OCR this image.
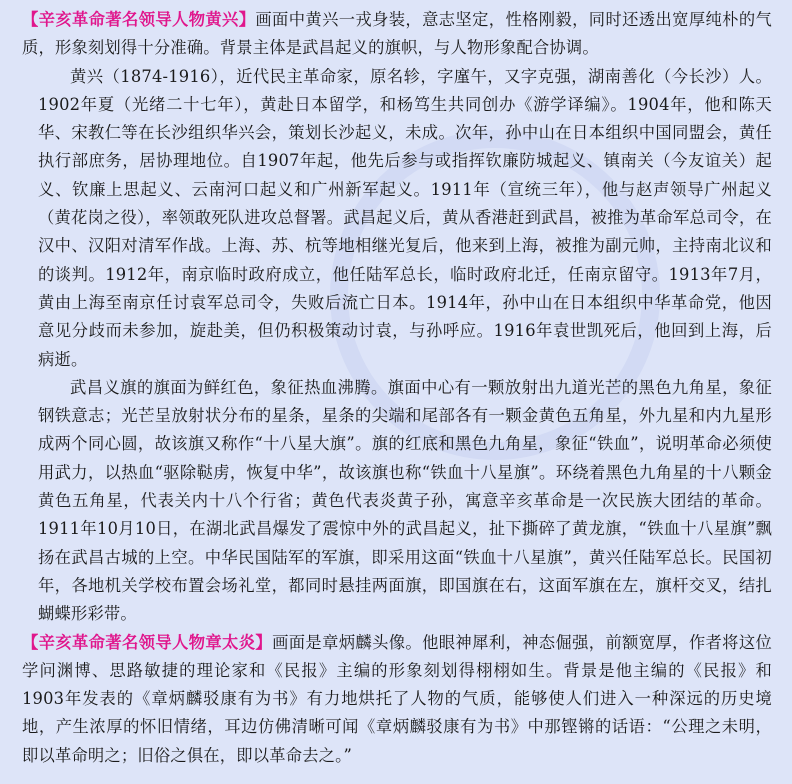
【辛亥革命著名领导人物黄兴】画面中黄兴一戎身装，意志坚定，性格刚毅，同时还透出宽厚纯朴的气质，形象刻划得十分准确。背景主体是武昌起义的旗帜，与人物形象配合协调。

黄兴（1874-1916），近代民主革命家，原名轸，字廑午，又字克强，湖南善化（今长沙）人。1902年夏（光绪二十七年），黄赴日本留学，和杨笃生共同创办《游学译编》。1904年，他和陈天华、宋教仁等在长沙组织华兴会，策划长沙起义，未成。次年，孙中山在日本组织中国同盟会，黄任执行部庶务，居协理地位。自1907年起，他先后参与或指挥钦廉防城起义、镇南关（今友谊关）起义、钦廉上思起义、云南河口起义和广州新军起义。1911年（宣统三年），他与赵声领导广州起义（黄花岗之役），率领敢死队进攻总督署。武昌起义后，黄从香港赶到武昌，被推为革命军总司令，在汉中、汉阳对清军作战。上海、苏、杭等地相继光复后，他来到上海，被推为副元帅，主持南北议和的谈判。1912年，南京临时政府成立，他任陆军总长，临时政府北迁，任南京留守。1913年7月，黄由上海至南京任讨袁军总司令，失败后流亡日本。1914年，孙中山在日本组织中华革命党，他因意见分歧而未参加，旋赴美，但仍积极策动讨袁，与孙呼应。1916年袁世凯死后，他回到上海，后病逝。

武昌义旗的旗面为鲜红色，象征热血沸腾。旗面中心有一颗放射出九道光芒的黑色九角星，象征钢铁意志；光芒呈放射状分布的星条，星条的尖端和尾部各有一颗金黄色五角星，外九星和内九星形成两个同心圆，故该旗又称作“十八星大旗”。旗的红底和黑色九角星，象征“铁血”，说明革命必须使用武力，以热血“驱除鞑虏，恢复中华”，故该旗也称“铁血十八星旗”。环绕着黑色九角星的十八颗金黄色五角星，代表关内十八个行省；黄色代表炎黄子孙，寓意辛亥革命是一次民族大团结的革命。1911年10月10日，在湖北武昌爆发了震惊中外的武昌起义，扯下撕碎了黄龙旗，“铁血十八星旗”飘扬在武昌古城的上空。中华民国陆军的军旗，即采用这面“铁血十八星旗”，黄兴任陆军总长。民国初年，各地机关学校布置会场礼堂，都同时悬挂两面旗，即国旗在右，这面军旗在左，旗杆交叉，结扎蝴蝶形彩带。

【辛亥革命著名领导人物章太炎】画面是章炳麟头像。他眼神犀利，神态倔强，前额宽厚，作者将这位学问渊博、思路敏捷的理论家和《民报》主编的形象刻划得栩栩如生。背景是他主编的《民报》和1903年发表的《章炳麟驳康有为书》有力地烘托了人物的气质，能够使人们进入一种深远的历史境地，产生浓厚的怀旧情绪，耳边仿佛清晰可闻《章炳麟驳康有为书》中那铿锵的话语：“公理之未明，即以革命明之；旧俗之俱在，即以革命去之。”
